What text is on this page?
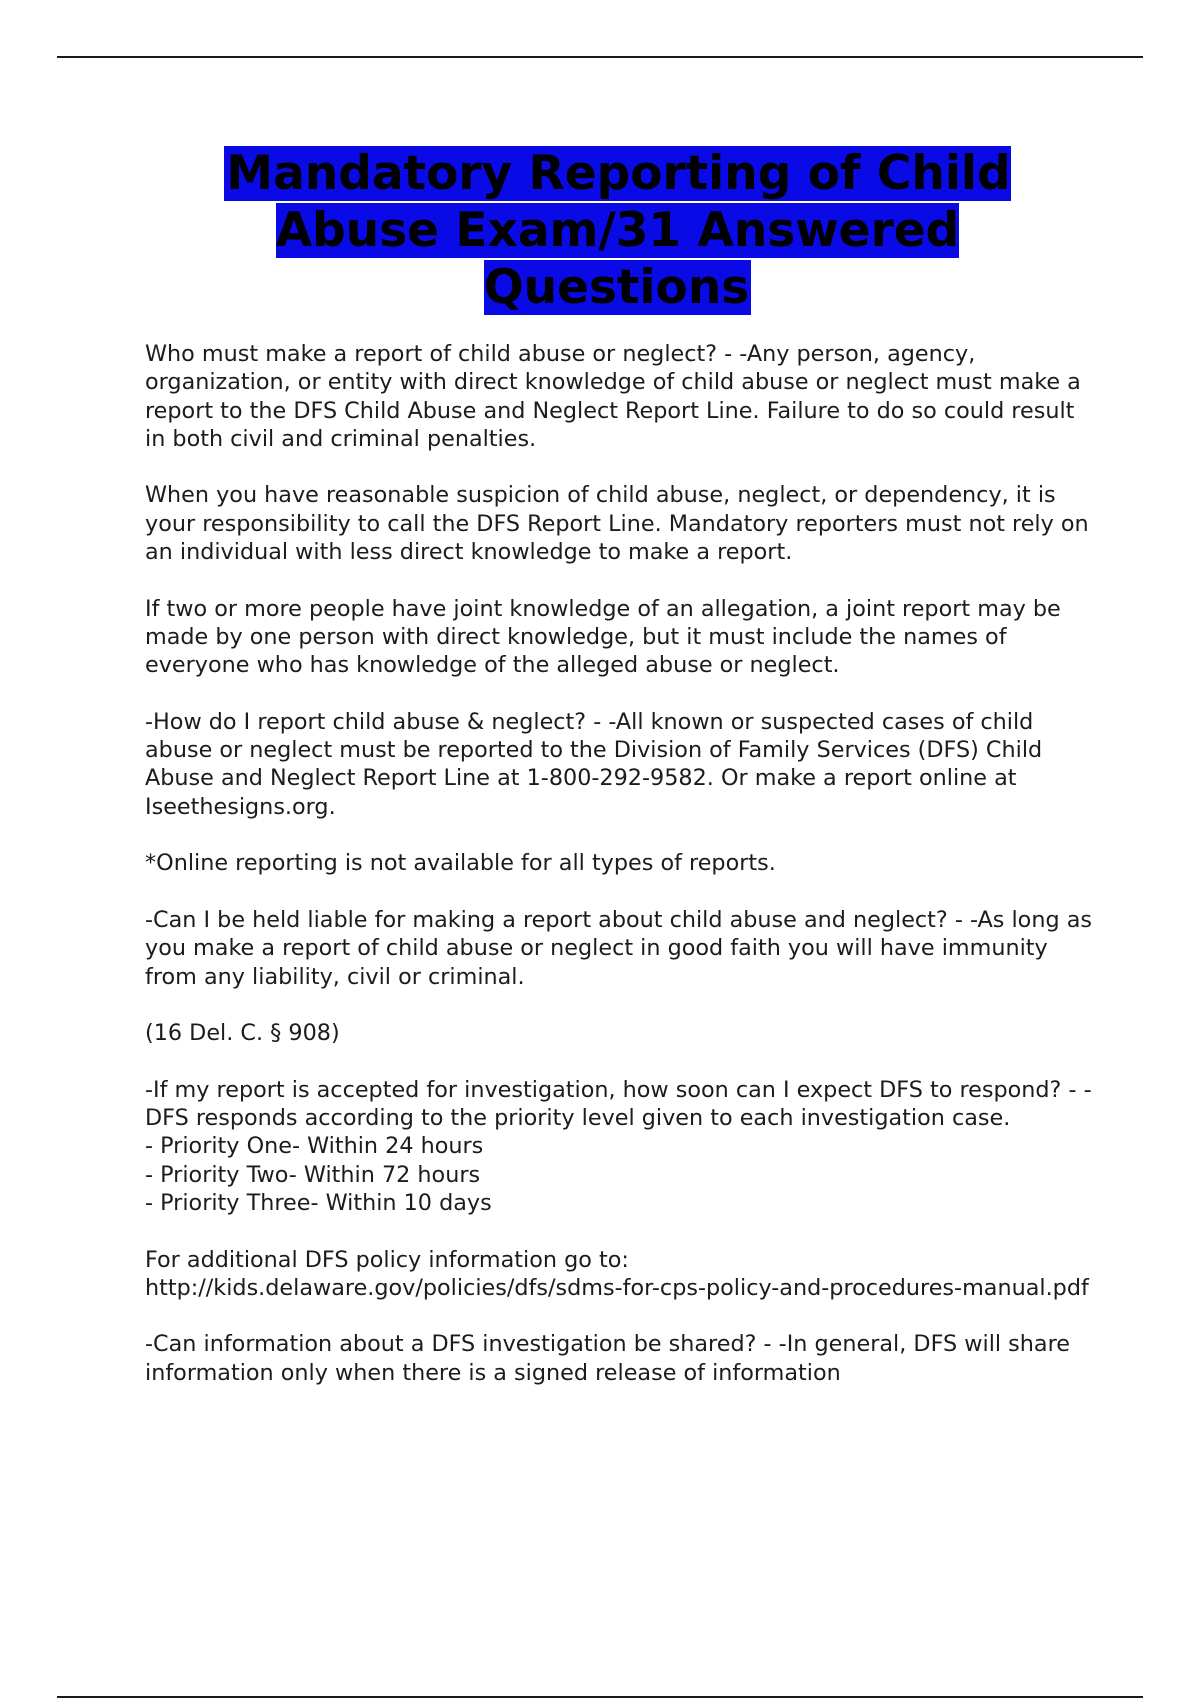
Mandatory Reporting of Child Abuse Exam/31 Answered Questions

Who must make a report of child abuse or neglect? - -Any person, agency, organization, or entity with direct knowledge of child abuse or neglect must make a report to the DFS Child Abuse and Neglect Report Line. Failure to do so could result in both civil and criminal penalties.

When you have reasonable suspicion of child abuse, neglect, or dependency, it is your responsibility to call the DFS Report Line. Mandatory reporters must not rely on an individual with less direct knowledge to make a report.

If two or more people have joint knowledge of an allegation, a joint report may be made by one person with direct knowledge, but it must include the names of everyone who has knowledge of the alleged abuse or neglect.

-How do I report child abuse & neglect? - -All known or suspected cases of child abuse or neglect must be reported to the Division of Family Services (DFS) Child Abuse and Neglect Report Line at 1-800-292-9582. Or make a report online at Iseethesigns.org.

*Online reporting is not available for all types of reports.

-Can I be held liable for making a report about child abuse and neglect? - -As long as you make a report of child abuse or neglect in good faith you will have immunity from any liability, civil or criminal.

(16 Del. C. § 908)

-If my report is accepted for investigation, how soon can I expect DFS to respond? - -DFS responds according to the priority level given to each investigation case.
- Priority One- Within 24 hours
- Priority Two- Within 72 hours
- Priority Three- Within 10 days

For additional DFS policy information go to:
http://kids.delaware.gov/policies/dfs/sdms-for-cps-policy-and-procedures-manual.pdf

-Can information about a DFS investigation be shared? - -In general, DFS will share information only when there is a signed release of information
